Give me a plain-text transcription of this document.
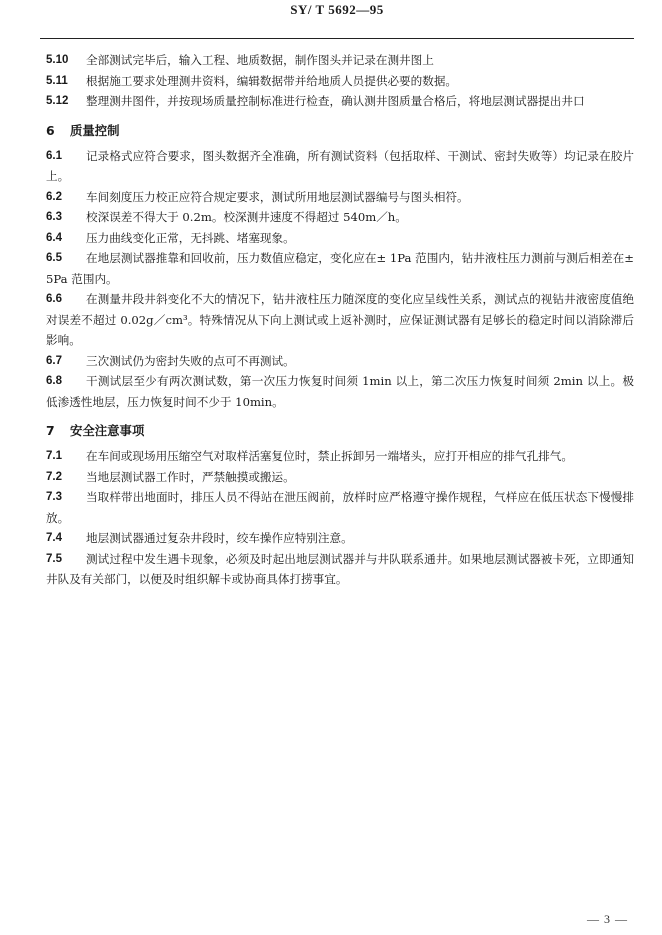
SY/ T 5692—95
5.10	全部测试完毕后，输入工程、地质数据，制作图头并记录在测井图上
5.11	根据施工要求处理测井资料，编辑数据带并给地质人员提供必要的数据。
5.12	整理测井图件，并按现场质量控制标准进行检查，确认测井图质量合格后，将地层测试器提出井口
6 质量控制
6.1	记录格式应符合要求，图头数据齐全准确，所有测试资料（包括取样、干测试、密封失败等）均记录在胶片上。
6.2	车间刻度压力校正应符合规定要求，测试所用地层测试器编号与图头相符。
6.3	校深误差不得大于 0.2m。校深测井速度不得超过 540m／h。
6.4	压力曲线变化正常，无抖跳、堵塞现象。
6.5	在地层测试器推靠和回收前，压力数值应稳定，变化应在± 1Pa 范围内，钻井液柱压力测前与测后相差在± 5Pa 范围内。
6.6	在测量井段井斜变化不大的情况下，钻井液柱压力随深度的变化应呈线性关系，测试点的视钻井液密度值绝对误差不超过 0.02g／cm³。特殊情况从下向上测试或上返补测时，应保证测试器有足够长的稳定时间以消除滞后影响。
6.7	三次测试仍为密封失败的点可不再测试。
6.8	干测试层至少有两次测试数，第一次压力恢复时间须 1min 以上，第二次压力恢复时间须 2min 以上。极低渗透性地层，压力恢复时间不少于 10min。
7 安全注意事项
7.1	在车间或现场用压缩空气对取样活塞复位时，禁止拆卸另一端堵头，应打开相应的排气孔排气。
7.2	当地层测试器工作时，严禁触摸或搬运。
7.3	当取样带出地面时，排压人员不得站在泄压阀前，放样时应严格遵守操作规程，气样应在低压状态下慢慢排放。
7.4	地层测试器通过复杂井段时，绞车操作应特别注意。
7.5	测试过程中发生遇卡现象，必须及时起出地层测试器并与井队联系通井。如果地层测试器被卡死，立即通知井队及有关部门，以便及时组织解卡或协商具体打捞事宜。
— 3 —
